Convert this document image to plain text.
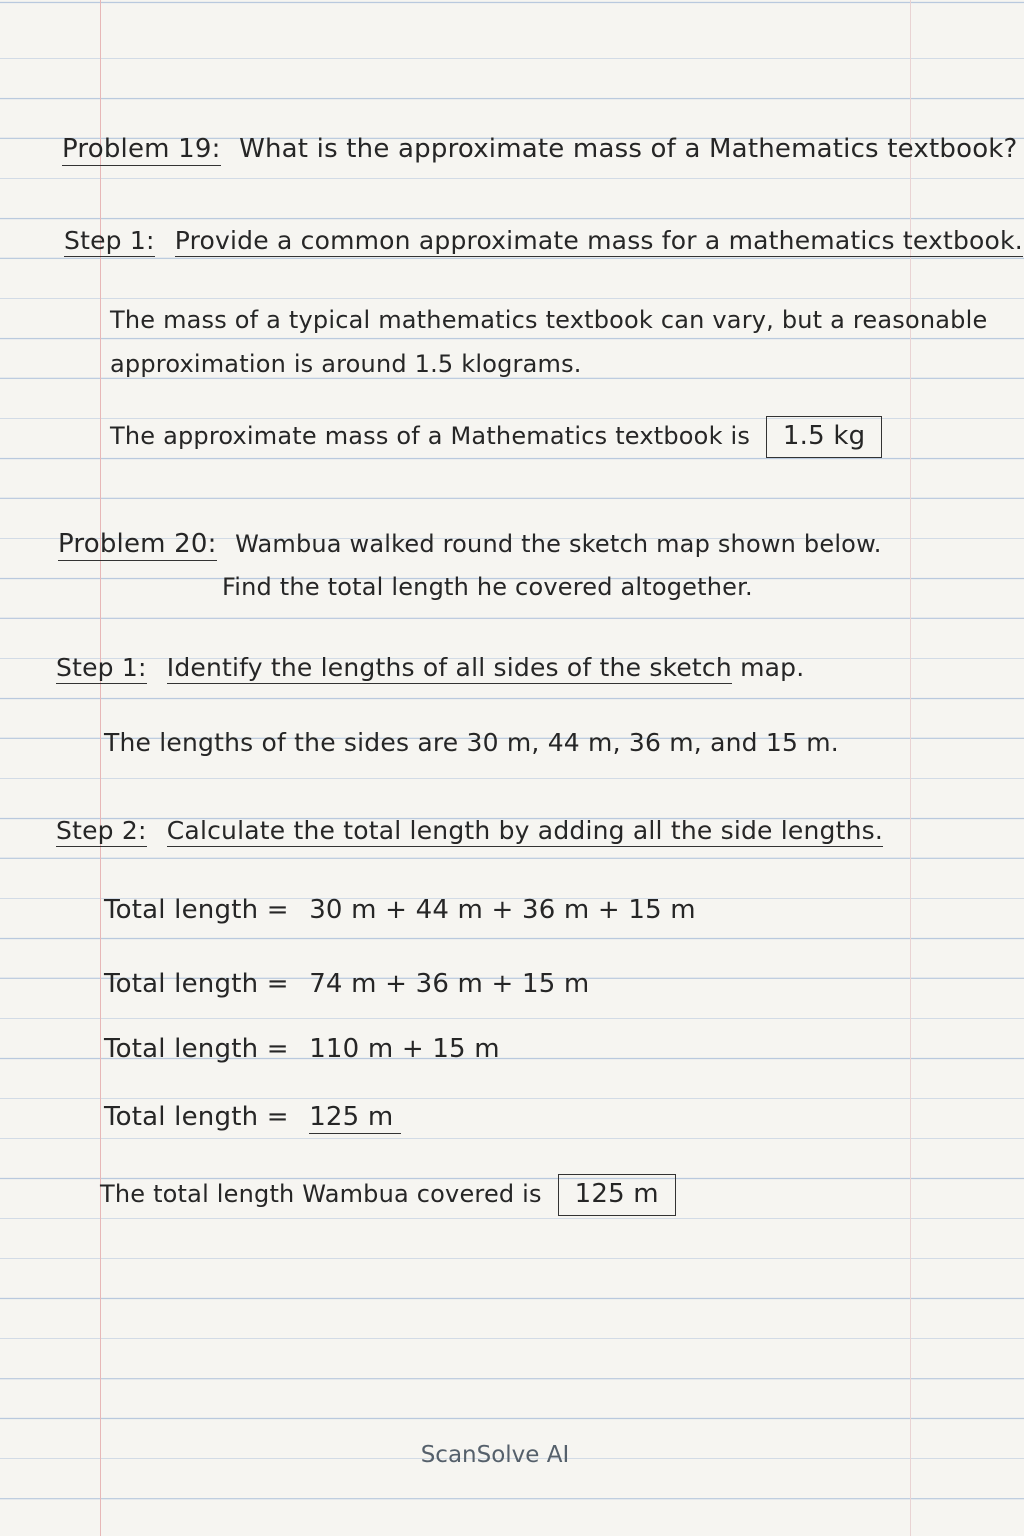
Problem 19: What is the approximate mass of a Mathematics textbook?
Step 1: Provide a common approximate mass for a mathematics textbook.
The mass of a typical mathematics textbook can vary, but a reasonable
approximation is around 1.5 klograms.
The approximate mass of a Mathematics textbook is 1.5 kg
Problem 20: Wambua walked round the sketch map shown below.
Find the total length he covered altogether.
Step 1: Identify the lengths of all sides of the sketch map.
The lengths of the sides are 30 m, 44 m, 36 m, and 15 m.
Step 2: Calculate the total length by adding all the side lengths.
Total length = 30 m + 44 m + 36 m + 15 m
Total length = 74 m + 36 m + 15 m
Total length = 110 m + 15 m
Total length = 125 m
The total length Wambua covered is 125 m
ScanSolve AI
